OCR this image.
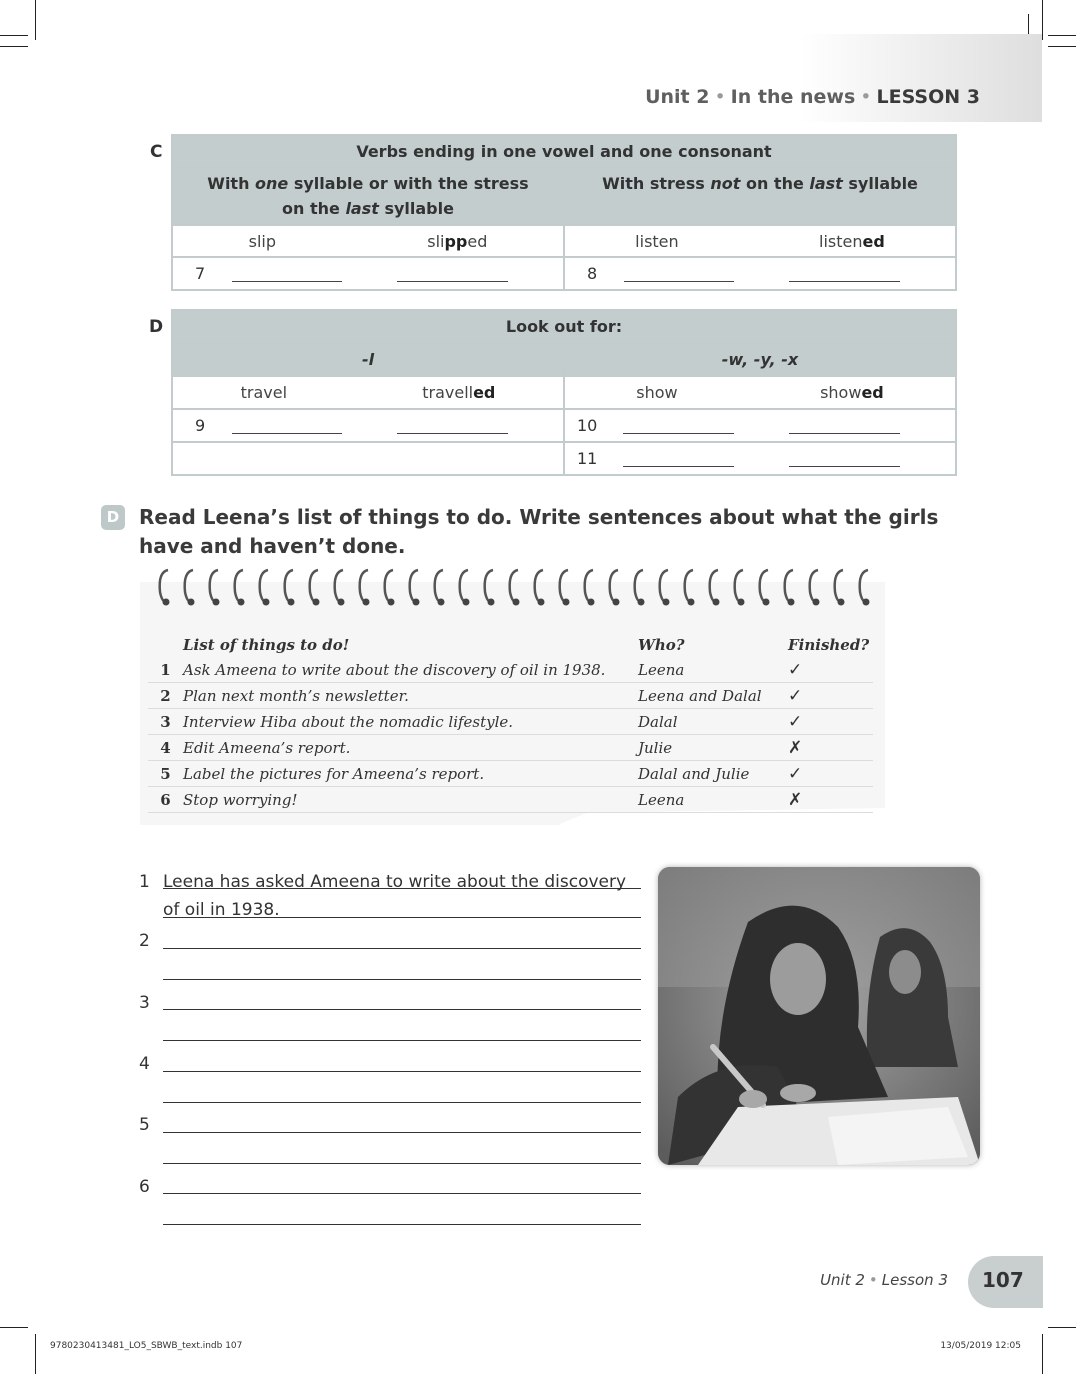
Unit 2 • In the news • LESSON 3
C	Verbs ending in one vowel and one consonant	
With one syllable or with the stress
on the last syllable	With stress not on the last syllable

slip slipped	listen listened

7	8
D	Look out for:	
-l	-w, -y, -x

travel travelled	show showed

9	10

	11
D Read Leena’s list of things to do. Write sentences about what the girls have and haven’t done.
	List of things to do!	Who?	Finished?
1	Ask Ameena to write about the discovery of oil in 1938.	Leena	✓
2	Plan next month’s newsletter.	Leena and Dalal	✓
3	Interview Hiba about the nomadic lifestyle.	Dalal	✓
4	Edit Ameena’s report.	Julie	✗
5	Label the pictures for Ameena’s report.	Dalal and Julie	✓
6	Stop worrying!	Leena	✗
1 Leena has asked Ameena to write about the discovery
of oil in 1938.
2
3
4
5
6
Unit 2 • Lesson 3 107
9780230413481_LO5_SBWB_text.indb 107	13/05/2019 12:05
